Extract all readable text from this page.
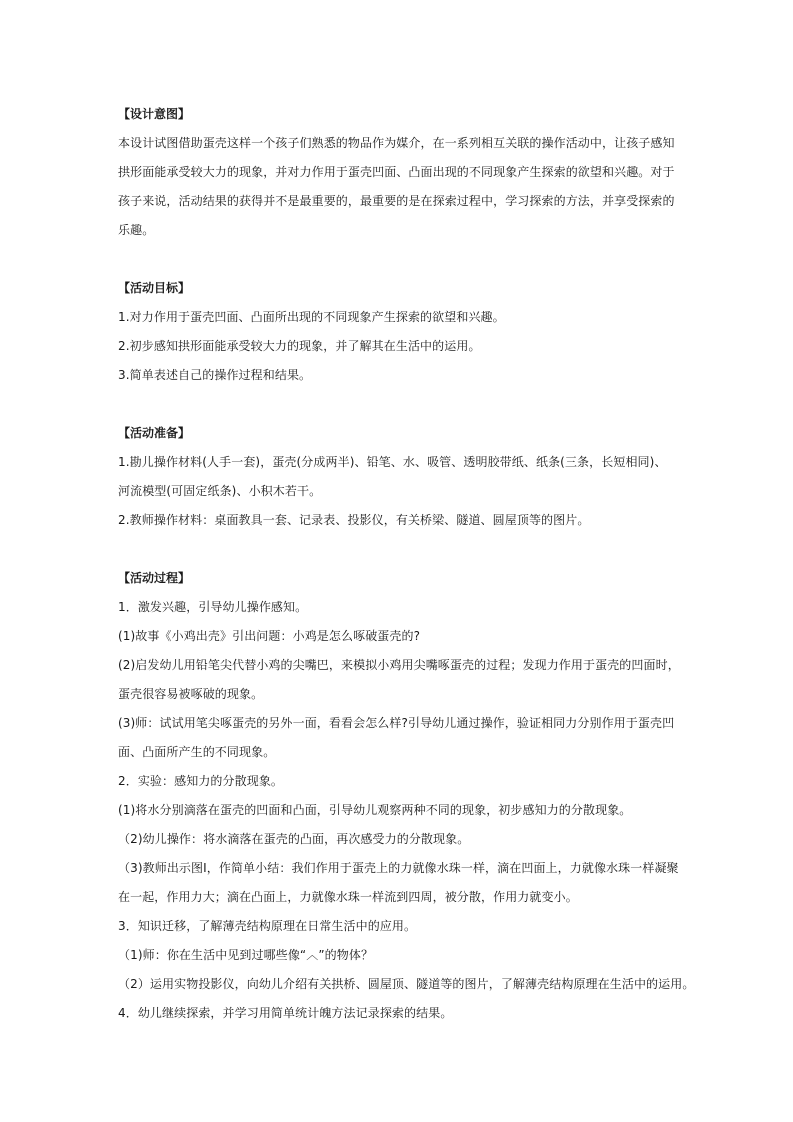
【设计意图】

本设计试图借助蛋壳这样一个孩子们熟悉的物品作为媒介，在一系列相互关联的操作活动中，让孩子感知

拱形面能承受较大力的现象，并对力作用于蛋壳凹面、凸面出现的不同现象产生探索的欲望和兴趣。对于

孩子来说，活动结果的获得并不是最重要的，最重要的是在探索过程中，学习探索的方法，并享受探索的

乐趣。

【活动目标】

1.对力作用于蛋壳凹面、凸面所出现的不同现象产生探索的欲望和兴趣。

2.初步感知拱形面能承受较大力的现象，并了解其在生活中的运用。

3.简单表述自己的操作过程和结果。

【活动准备】

1.勘儿操作材料(人手一套)，蛋壳(分成两半)、铅笔、水、吸管、透明胶带纸、纸条(三条，长短相同)、

河流模型(可固定纸条)、小积木若干。

2.教师操作材料：桌面教具一套、记录表、投影仪，有关桥梁、隧道、圆屋顶等的图片。

【活动过程】

1．激发兴趣，引导幼儿操作感知。

(1)故事《小鸡出壳》引出问题：小鸡是怎么啄破蛋壳的?

(2)启发幼儿用铅笔尖代替小鸡的尖嘴巴，来模拟小鸡用尖嘴啄蛋壳的过程；发现力作用于蛋壳的凹面时，

蛋壳很容易被啄破的现象。

(3)师：试试用笔尖啄蛋壳的另外一面，看看会怎么样?引导幼儿通过操作，验证相同力分别作用于蛋壳凹

面、凸面所产生的不同现象。

2．实验：感知力的分散现象。

(1)将水分别滴落在蛋壳的凹面和凸面，引导幼儿观察两种不同的现象，初步感知力的分散现象。

（2)幼儿操作：将水滴落在蛋壳的凸面，再次感受力的分散现象。

（3)教师出示图Ⅰ，作简单小结：我们作用于蛋壳上的力就像水珠一样，滴在凹面上，力就像水珠一样凝聚

在一起，作用力大；滴在凸面上，力就像水珠一样流到四周，被分散，作用力就变小。

3．知识迁移，了解薄壳结构原理在日常生活中的应用。

（1)师：你在生活中见到过哪些像“︿”的物体？

（2）运用实物投影仪，向幼儿介绍有关拱桥、圆屋顶、隧道等的图片，了解薄壳结构原理在生活中的运用。

4．幼儿继续探索，并学习用简单统计魄方法记录探索的结果。
